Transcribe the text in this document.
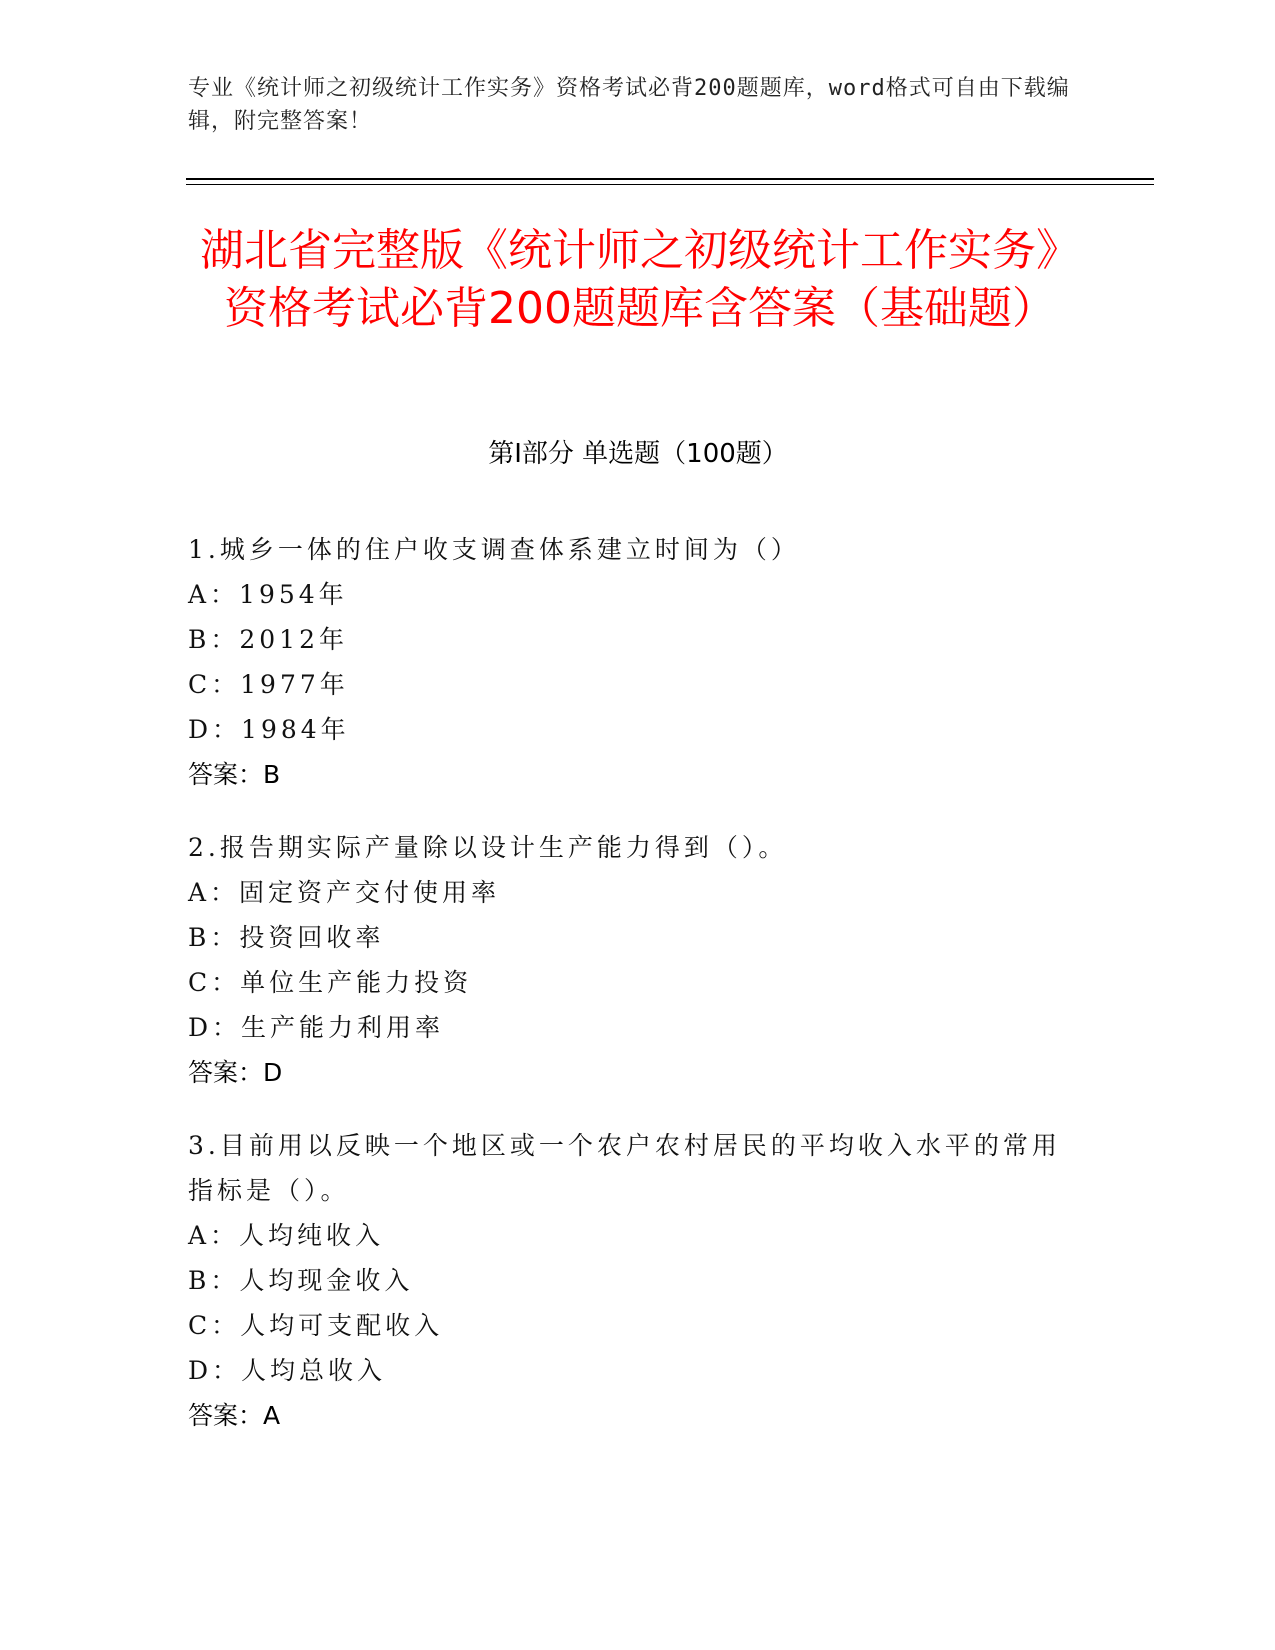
专业《统计师之初级统计工作实务》资格考试必背200题题库，word格式可自由下载编辑，附完整答案！
湖北省完整版《统计师之初级统计工作实务》资格考试必背200题题库含答案（基础题）
第I部分 单选题（100题）
1.城乡一体的住户收支调查体系建立时间为（）
A：1954年
B：2012年
C：1977年
D：1984年
答案：B
2.报告期实际产量除以设计生产能力得到（）。
A：固定资产交付使用率
B：投资回收率
C：单位生产能力投资
D：生产能力利用率
答案：D
3.目前用以反映一个地区或一个农户农村居民的平均收入水平的常用指标是（）。
A：人均纯收入
B：人均现金收入
C：人均可支配收入
D：人均总收入
答案：A
